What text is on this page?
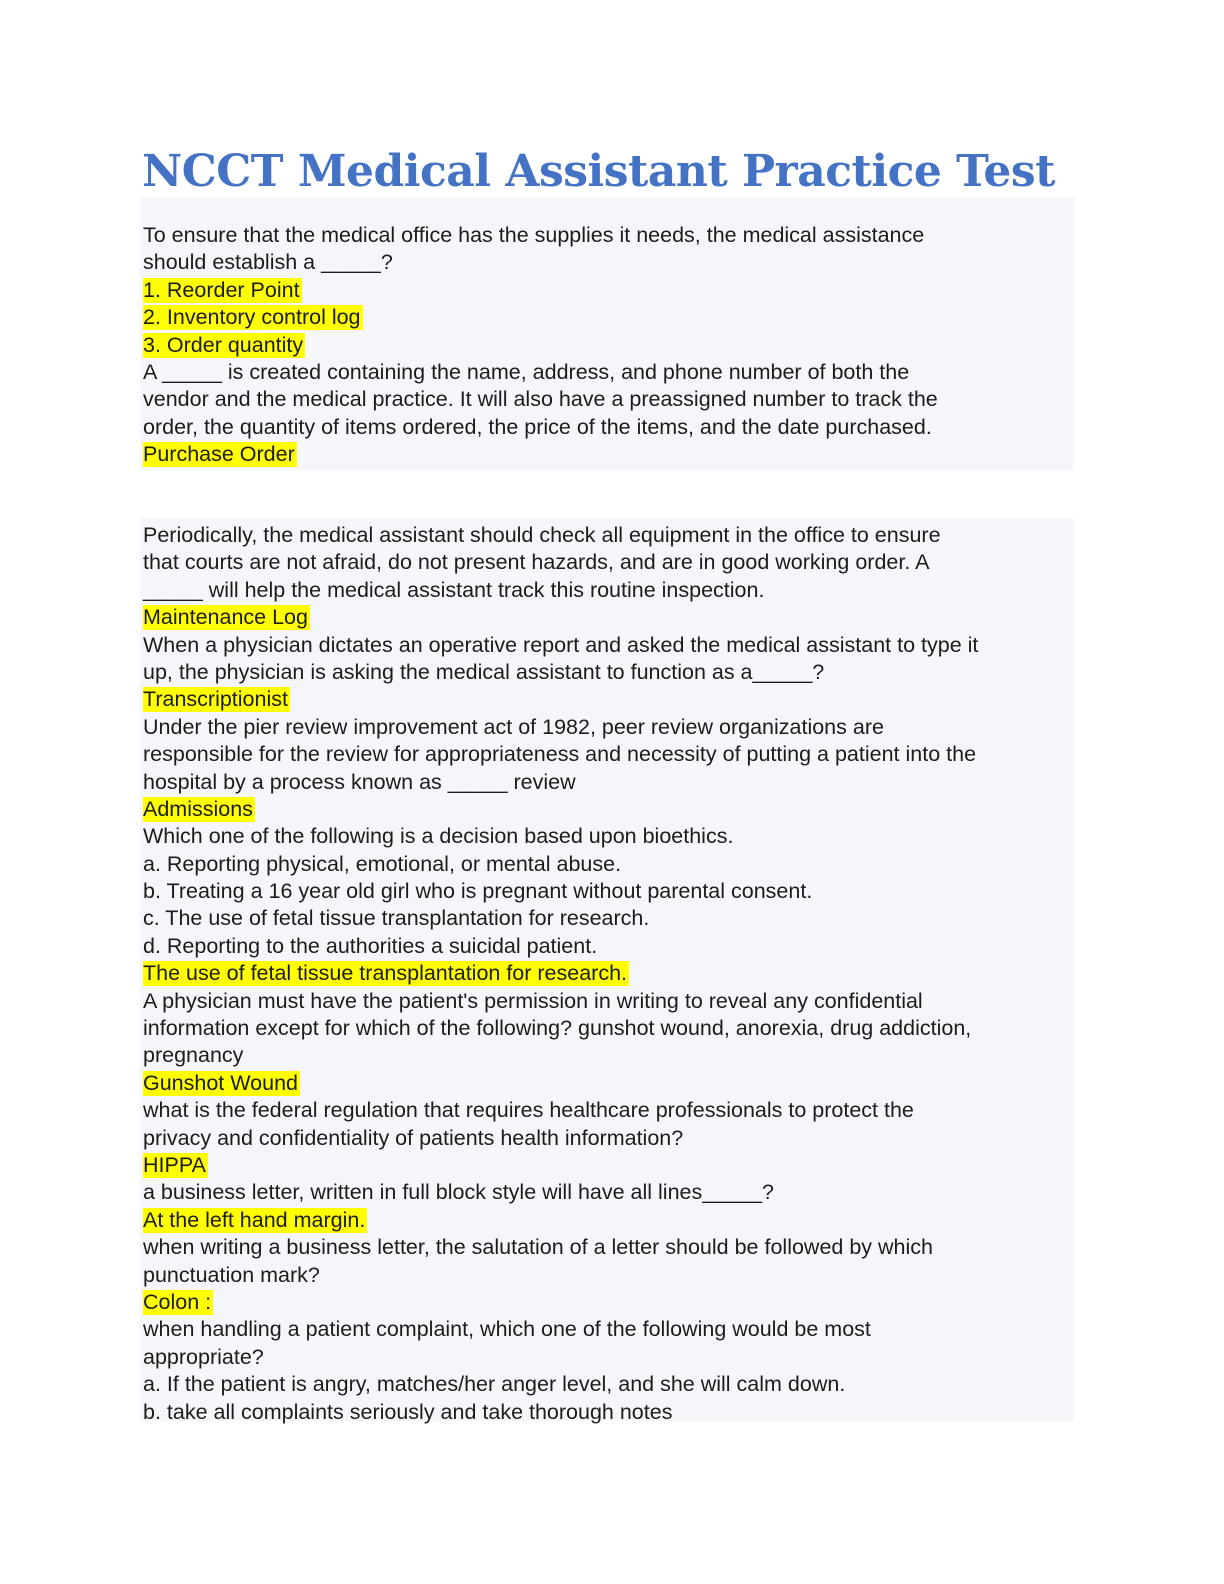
NCCT Medical Assistant Practice Test
To ensure that the medical office has the supplies it needs, the medical assistance
should establish a _____?
1. Reorder Point
2. Inventory control log
3. Order quantity
A _____ is created containing the name, address, and phone number of both the
vendor and the medical practice. It will also have a preassigned number to track the
order, the quantity of items ordered, the price of the items, and the date purchased.
Purchase Order
Periodically, the medical assistant should check all equipment in the office to ensure
that courts are not afraid, do not present hazards, and are in good working order. A
_____ will help the medical assistant track this routine inspection.
Maintenance Log
When a physician dictates an operative report and asked the medical assistant to type it
up, the physician is asking the medical assistant to function as a_____?
Transcriptionist
Under the pier review improvement act of 1982, peer review organizations are
responsible for the review for appropriateness and necessity of putting a patient into the
hospital by a process known as _____ review
Admissions
Which one of the following is a decision based upon bioethics.
a. Reporting physical, emotional, or mental abuse.
b. Treating a 16 year old girl who is pregnant without parental consent.
c. The use of fetal tissue transplantation for research.
d. Reporting to the authorities a suicidal patient.
The use of fetal tissue transplantation for research.
A physician must have the patient's permission in writing to reveal any confidential
information except for which of the following? gunshot wound, anorexia, drug addiction,
pregnancy
Gunshot Wound
what is the federal regulation that requires healthcare professionals to protect the
privacy and confidentiality of patients health information?
HIPPA
a business letter, written in full block style will have all lines_____?
At the left hand margin.
when writing a business letter, the salutation of a letter should be followed by which
punctuation mark?
Colon :
when handling a patient complaint, which one of the following would be most
appropriate?
a. If the patient is angry, matches/her anger level, and she will calm down.
b. take all complaints seriously and take thorough notes
